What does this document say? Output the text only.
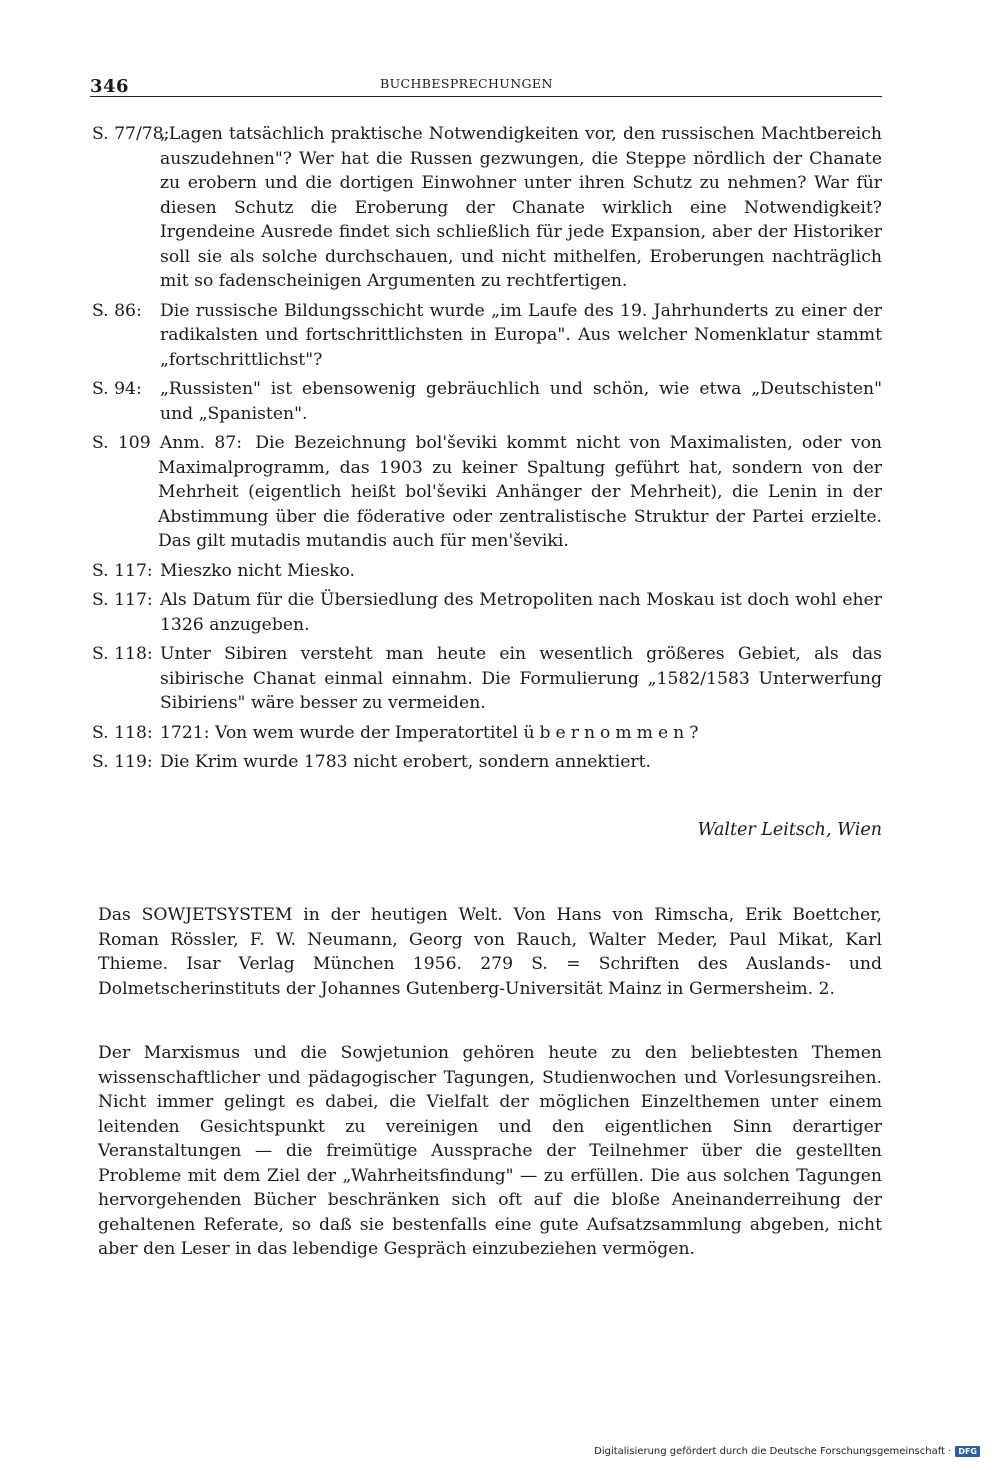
346	BUCHBESPRECHUNGEN
S. 77/78:
„Lagen tatsächlich praktische Notwendigkeiten vor, den russischen Machtbereich auszudehnen"? Wer hat die Russen gezwungen, die Steppe nördlich der Chanate zu erobern und die dortigen Einwohner unter ihren Schutz zu nehmen? War für diesen Schutz die Eroberung der Chanate wirklich eine Notwendigkeit? Irgendeine Ausrede findet sich schließlich für jede Expansion, aber der Historiker soll sie als solche durchschauen, und nicht mithelfen, Eroberungen nachträglich mit so fadenscheinigen Argumenten zu rechtfertigen.
S. 86:	Die russische Bildungsschicht wurde „im Laufe des 19. Jahrhunderts zu einer der radikalsten und fortschrittlichsten in Europa". Aus welcher Nomenklatur stammt „fortschrittlichst"?
S. 94:	„Russisten" ist ebensowenig gebräuchlich und schön, wie etwa „Deutschisten" und „Spanisten".
S. 109 Anm. 87: Die Bezeichnung bol'ševiki kommt nicht von Maximalisten, oder von Maximalprogramm, das 1903 zu keiner Spaltung geführt hat, sondern von der Mehrheit (eigentlich heißt bol'ševiki Anhänger der Mehrheit), die Lenin in der Abstimmung über die föderative oder zentralistische Struktur der Partei erzielte. Das gilt mutadis mutandis auch für men'ševiki.
S. 117: Mieszko nicht Miesko.
S. 117: Als Datum für die Übersiedlung des Metropoliten nach Moskau ist doch wohl eher 1326 anzugeben.
S. 118: Unter Sibiren versteht man heute ein wesentlich größeres Gebiet, als das sibirische Chanat einmal einnahm. Die Formulierung „1582/1583 Unterwerfung Sibiriens" wäre besser zu vermeiden.
S. 118: 1721: Von wem wurde der Imperatortitel übernommen?
S. 119: Die Krim wurde 1783 nicht erobert, sondern annektiert.
Walter Leitsch, Wien
Das SOWJETSYSTEM in der heutigen Welt. Von Hans von Rimscha, Erik Boettcher, Roman Rössler, F. W. Neumann, Georg von Rauch, Walter Meder, Paul Mikat, Karl Thieme. Isar Verlag München 1956. 279 S. = Schriften des Auslands- und Dolmetscherinstituts der Johannes Gutenberg-Universität Mainz in Germersheim. 2.
Der Marxismus und die Sowjetunion gehören heute zu den beliebtesten Themen wissenschaftlicher und pädagogischer Tagungen, Studienwochen und Vorlesungsreihen. Nicht immer gelingt es dabei, die Vielfalt der möglichen Einzelthemen unter einem leitenden Gesichtspunkt zu vereinigen und den eigentlichen Sinn derartiger Veranstaltungen — die freimütige Aussprache der Teilnehmer über die gestellten Probleme mit dem Ziel der „Wahrheitsfindung" — zu erfüllen. Die aus solchen Tagungen hervorgehenden Bücher beschränken sich oft auf die bloße Aneinanderreihung der gehaltenen Referate, so daß sie bestenfalls eine gute Aufsatzsammlung abgeben, nicht aber den Leser in das lebendige Gespräch einzubeziehen vermögen.
Digitalisierung gefördert durch die Deutsche Forschungsgemeinschaft · DFG
